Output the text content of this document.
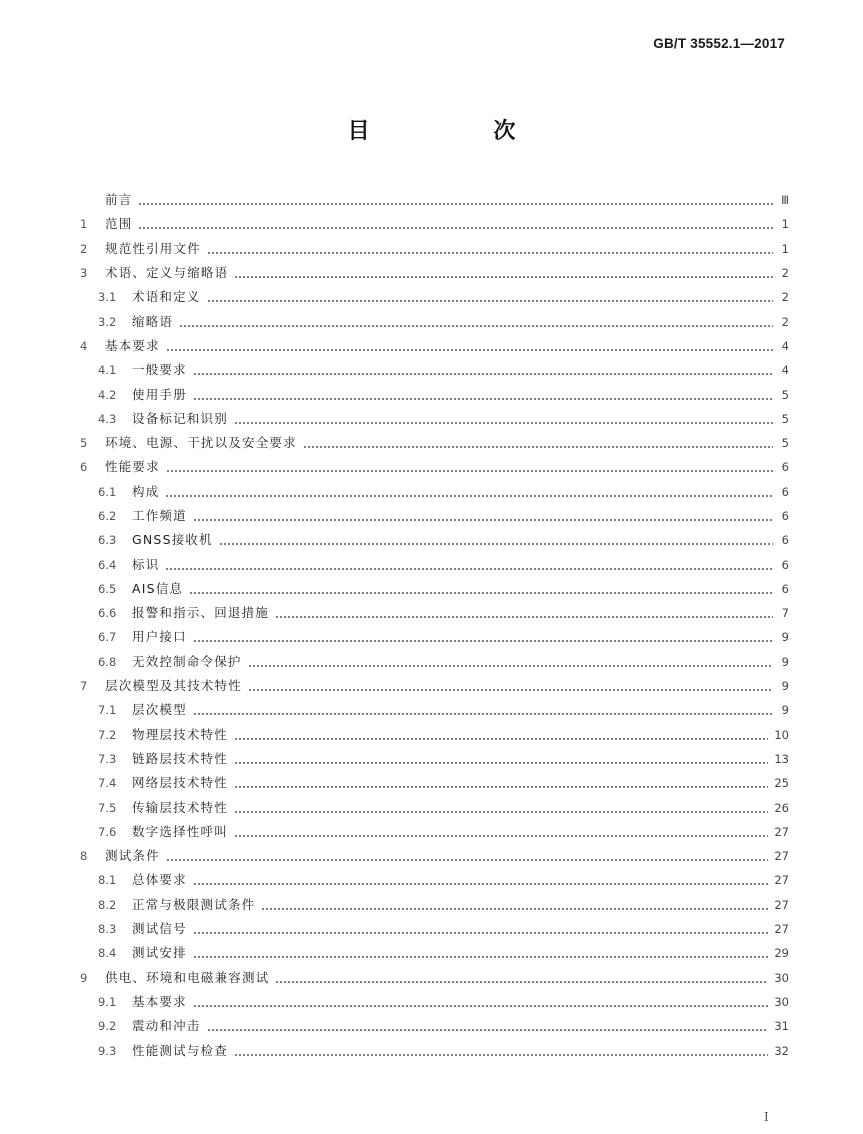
GB/T 35552.1—2017
目 次
前言	Ⅲ
1	范围	1
2	规范性引用文件	1
3	术语、定义与缩略语	2
3.1	术语和定义	2
3.2	缩略语	2
4	基本要求	4
4.1	一般要求	4
4.2	使用手册	5
4.3	设备标记和识别	5
5	环境、电源、干扰以及安全要求	5
6	性能要求	6
6.1	构成	6
6.2	工作频道	6
6.3	GNSS接收机	6
6.4	标识	6
6.5	AIS信息	6
6.6	报警和指示、回退措施	7
6.7	用户接口	9
6.8	无效控制命令保护	9
7	层次模型及其技术特性	9
7.1	层次模型	9
7.2	物理层技术特性	10
7.3	链路层技术特性	13
7.4	网络层技术特性	25
7.5	传输层技术特性	26
7.6	数字选择性呼叫	27
8	测试条件	27
8.1	总体要求	27
8.2	正常与极限测试条件	27
8.3	测试信号	27
8.4	测试安排	29
9	供电、环境和电磁兼容测试	30
9.1	基本要求	30
9.2	震动和冲击	31
9.3	性能测试与检查	32
Ⅰ
